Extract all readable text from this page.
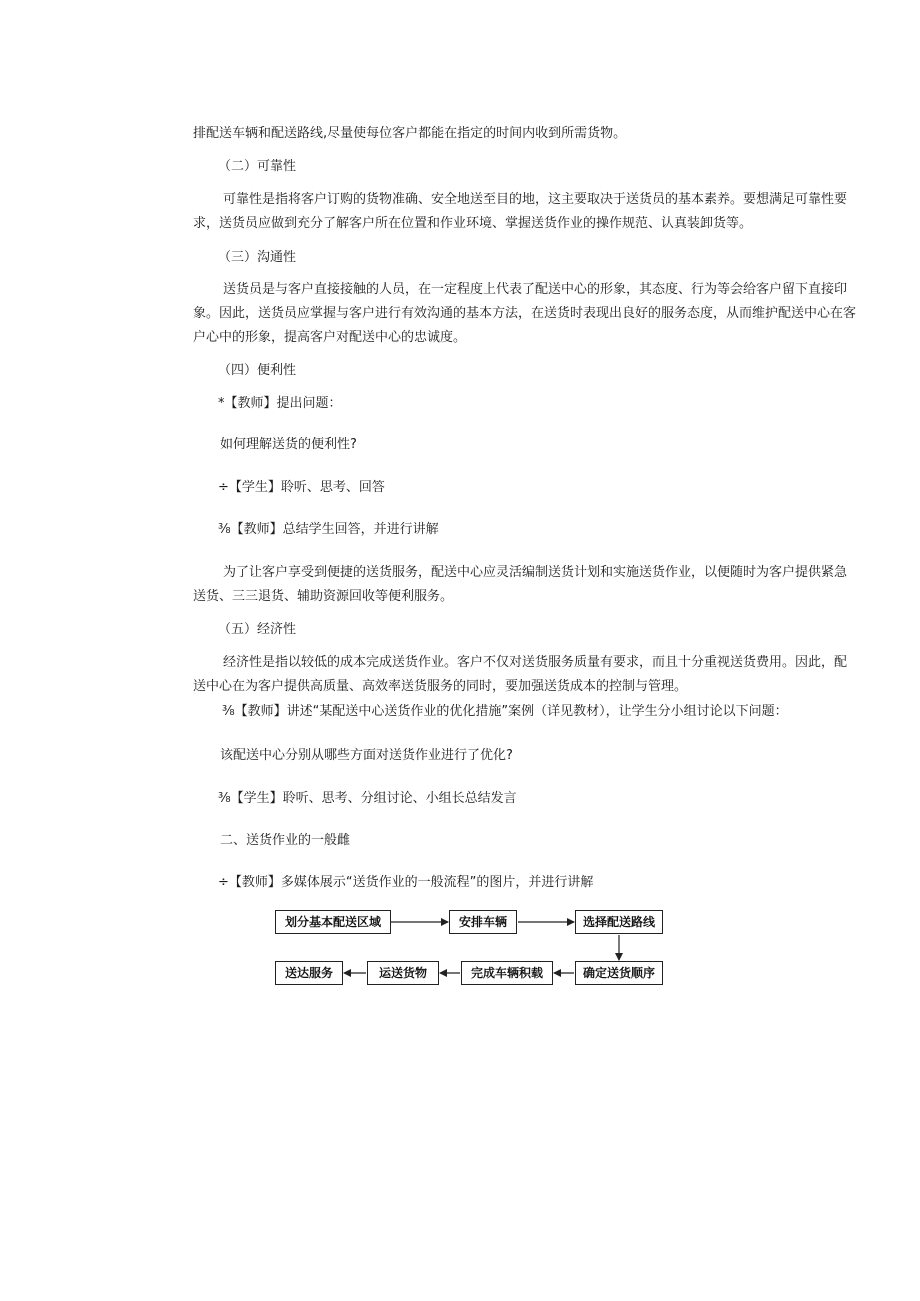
排配送车辆和配送路线,尽量使每位客户都能在指定的时间内收到所需货物。
（二）可靠性
可靠性是指将客户订购的货物准确、安全地送至目的地，这主要取决于送货员的基本素养。要想满足可靠性要
求，送货员应做到充分了解客户所在位置和作业环境、掌握送货作业的操作规范、认真装卸货等。
（三）沟通性
送货员是与客户直接接触的人员，在一定程度上代表了配送中心的形象，其态度、行为等会给客户留下直接印
象。因此，送货员应掌握与客户进行有效沟通的基本方法，在送货时表现出良好的服务态度，从而维护配送中心在客
户心中的形象，提高客户对配送中心的忠诚度。
（四）便利性
*【教师】提出问题：
如何理解送货的便利性?
÷【学生】聆听、思考、回答
⅜【教师】总结学生回答，并进行讲解
为了让客户享受到便捷的送货服务，配送中心应灵活编制送货计划和实施送货作业，以便随时为客户提供紧急
送货、三三退货、辅助资源回收等便利服务。
（五）经济性
经济性是指以较低的成本完成送货作业。客户不仅对送货服务质量有要求，而且十分重视送货费用。因此，配
送中心在为客户提供高质量、高效率送货服务的同时，要加强送货成本的控制与管理。
⅜【教师】讲述“某配送中心送货作业的优化措施”案例（详见教材），让学生分小组讨论以下问题：
该配送中心分别从哪些方面对送货作业进行了优化?
⅜【学生】聆听、思考、分组讨论、小组长总结发言
二、送货作业的一般雌
÷【教师】多媒体展示“送货作业的一般流程”的图片，并进行讲解
划分基本配送区域	安排车辆	选择配送路线
送达服务	运送货物	完成车辆积载	确定送货顺序
